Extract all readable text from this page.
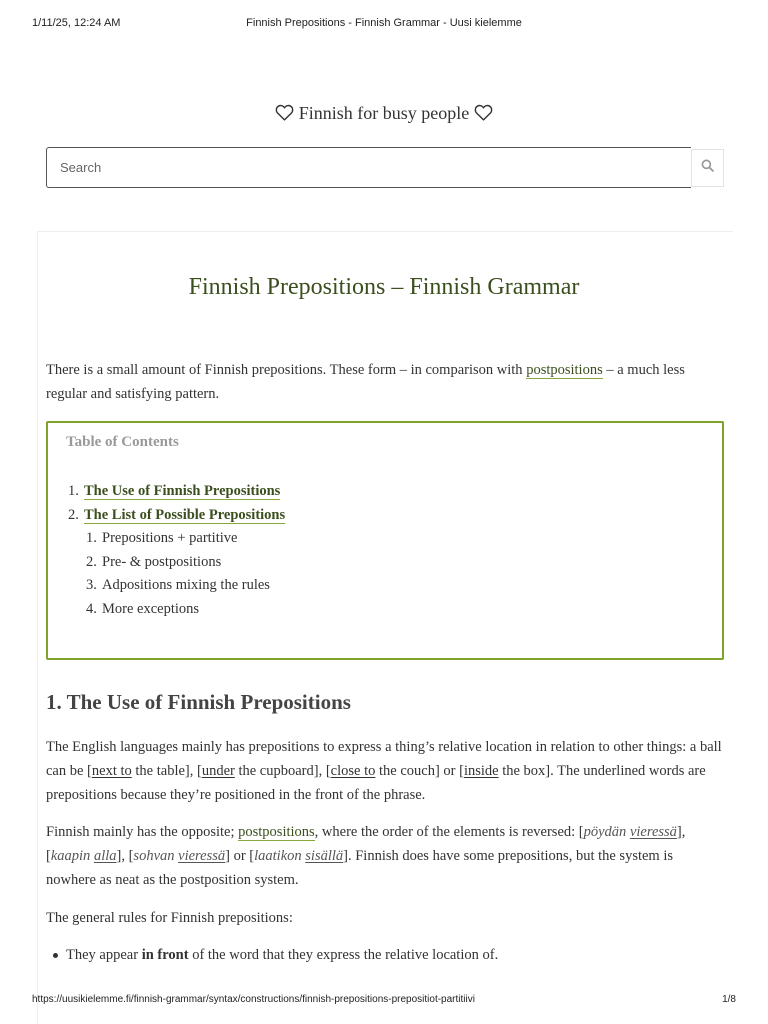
1/11/25, 12:24 AM	Finnish Prepositions - Finnish Grammar - Uusi kielemme
Finnish for busy people
Search
Finnish Prepositions – Finnish Grammar

There is a small amount of Finnish prepositions. These form – in comparison with postpositions – a much less regular and satisfying pattern.

Table of Contents
1. The Use of Finnish Prepositions
2. The List of Possible Prepositions
1. Prepositions + partitive
2. Pre- & postpositions
3. Adpositions mixing the rules
4. More exceptions
1. The Use of Finnish Prepositions

The English languages mainly has prepositions to express a thing’s relative location in relation to other things: a ball can be [next to the table], [under the cupboard], [close to the couch] or [inside the box]. The underlined words are prepositions because they’re positioned in the front of the phrase.

Finnish mainly has the opposite; postpositions, where the order of the elements is reversed: [pöydän vieressä], [kaapin alla], [sohvan vieressä] or [laatikon sisällä]. Finnish does have some prepositions, but the system is nowhere as neat as the postposition system.

The general rules for Finnish prepositions:
They appear in front of the word that they express the relative location of.
https://uusikielemme.fi/finnish-grammar/syntax/constructions/finnish-prepositions-prepositiot-partitiivi	1/8
